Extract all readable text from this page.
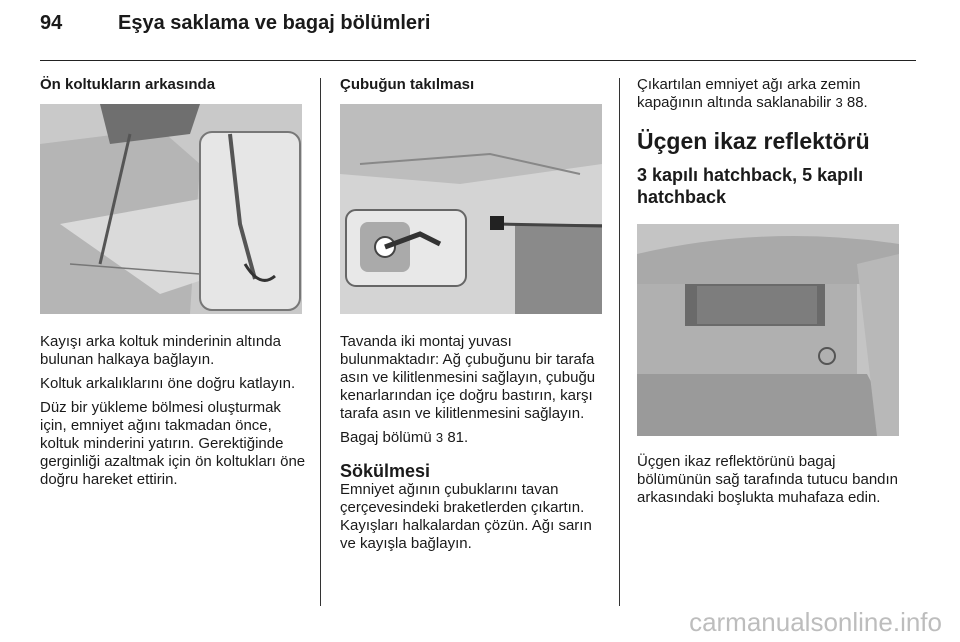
94	Eşya saklama ve bagaj bölümleri
Ön koltukların arkasında

Kayışı arka koltuk minderinin altında bulunan halkaya bağlayın.

Koltuk arkalıklarını öne doğru katlayın.

Düz bir yükleme bölmesi oluşturmak için, emniyet ağını takmadan önce, koltuk minderini yatırın. Gerektiğinde gerginliği azaltmak için ön koltukları öne doğru hareket ettirin.

Çubuğun takılması

Tavanda iki montaj yuvası bulunmaktadır: Ağ çubuğunu bir tarafa asın ve kilitlenmesini sağlayın, çubuğu kenarlarından içe doğru bastırın, karşı tarafa asın ve kilitlenmesini sağlayın.

Bagaj bölümü 3 81.

Sökülmesi

Emniyet ağının çubuklarını tavan çerçevesindeki braketlerden çıkartın. Kayışları halkalardan çözün. Ağı sarın ve kayışla bağlayın.

Çıkartılan emniyet ağı arka zemin kapağının altında saklanabilir 3 88.

Üçgen ikaz reflektörü

3 kapılı hatchback, 5 kapılı hatchback

Üçgen ikaz reflektörünü bagaj bölümünün sağ tarafında tutucu bandın arkasındaki boşlukta muhafaza edin.

carmanualsonline.info
